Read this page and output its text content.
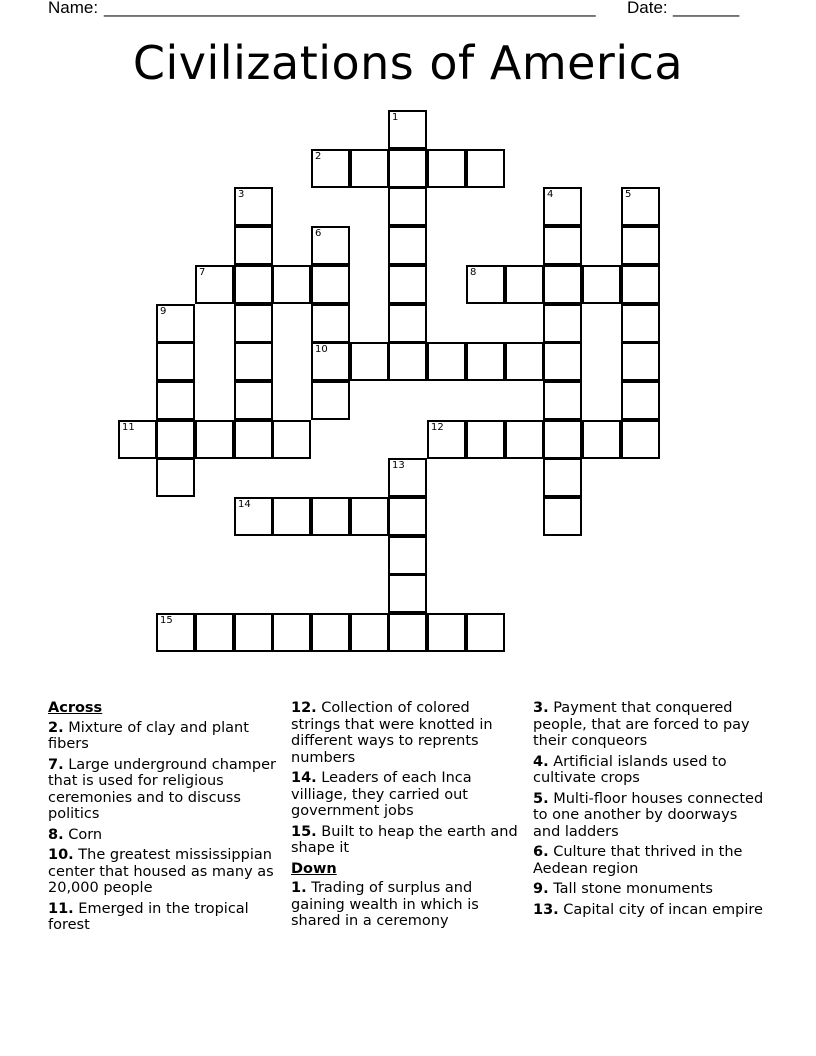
Name: ____________________________________________________ Date: _______
Civilizations of America
1
2
3	4	5
6
10
7	8
9
11	12
13
14
15
Across
2. Mixture of clay and plant fibers
7. Large underground champer that is used for religious ceremonies and to discuss politics
8. Corn
10. The greatest mississippian center that housed as many as 20,000 people
11. Emerged in the tropical forest
12. Collection of colored strings that were knotted in different ways to reprents numbers
14. Leaders of each Inca villiage, they carried out government jobs
15. Built to heap the earth and shape it
Down
1. Trading of surplus and gaining wealth in which is shared in a ceremony
3. Payment that conquered people, that are forced to pay their conqueors
4. Artificial islands used to cultivate crops
5. Multi-floor houses connected to one another by doorways and ladders
6. Culture that thrived in the Aedean region
9. Tall stone monuments
13. Capital city of incan empire
